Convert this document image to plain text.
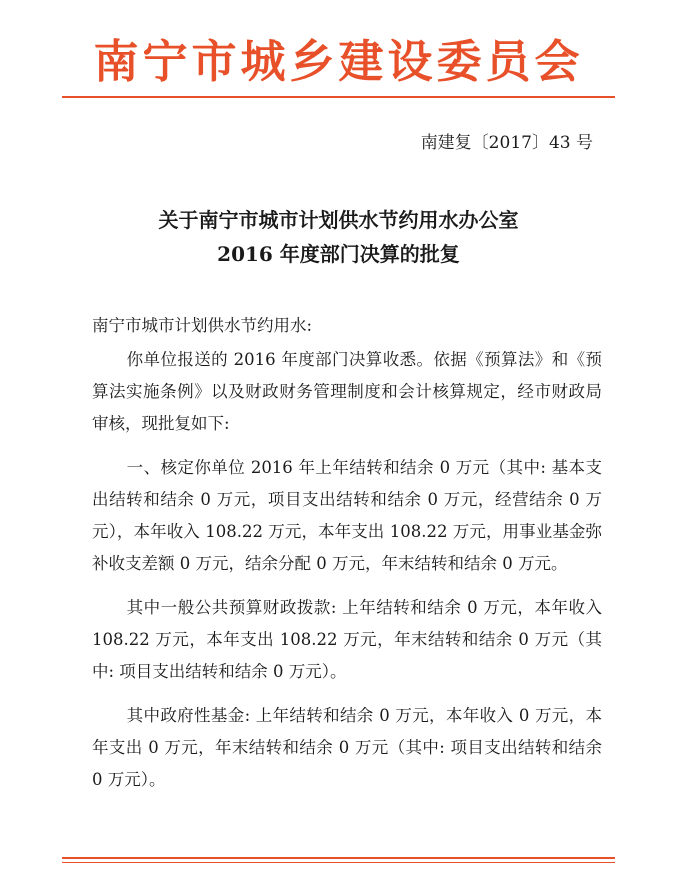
南宁市城乡建设委员会
南建复〔2017〕43 号
关于南宁市城市计划供水节约用水办公室
2016 年度部门决算的批复
南宁市城市计划供水节约用水:

你单位报送的 2016 年度部门决算收悉。依据《预算法》和《预算法实施条例》以及财政财务管理制度和会计核算规定，经市财政局审核，现批复如下:

一、核定你单位 2016 年上年结转和结余 0 万元（其中: 基本支出结转和结余 0 万元，项目支出结转和结余 0 万元，经营结余 0 万元），本年收入 108.22 万元，本年支出 108.22 万元，用事业基金弥补收支差额 0 万元，结余分配 0 万元，年末结转和结余 0 万元。

其中一般公共预算财政拨款: 上年结转和结余 0 万元，本年收入 108.22 万元，本年支出 108.22 万元，年末结转和结余 0 万元（其中: 项目支出结转和结余 0 万元）。

其中政府性基金: 上年结转和结余 0 万元，本年收入 0 万元，本年支出 0 万元，年末结转和结余 0 万元（其中: 项目支出结转和结余 0 万元）。
